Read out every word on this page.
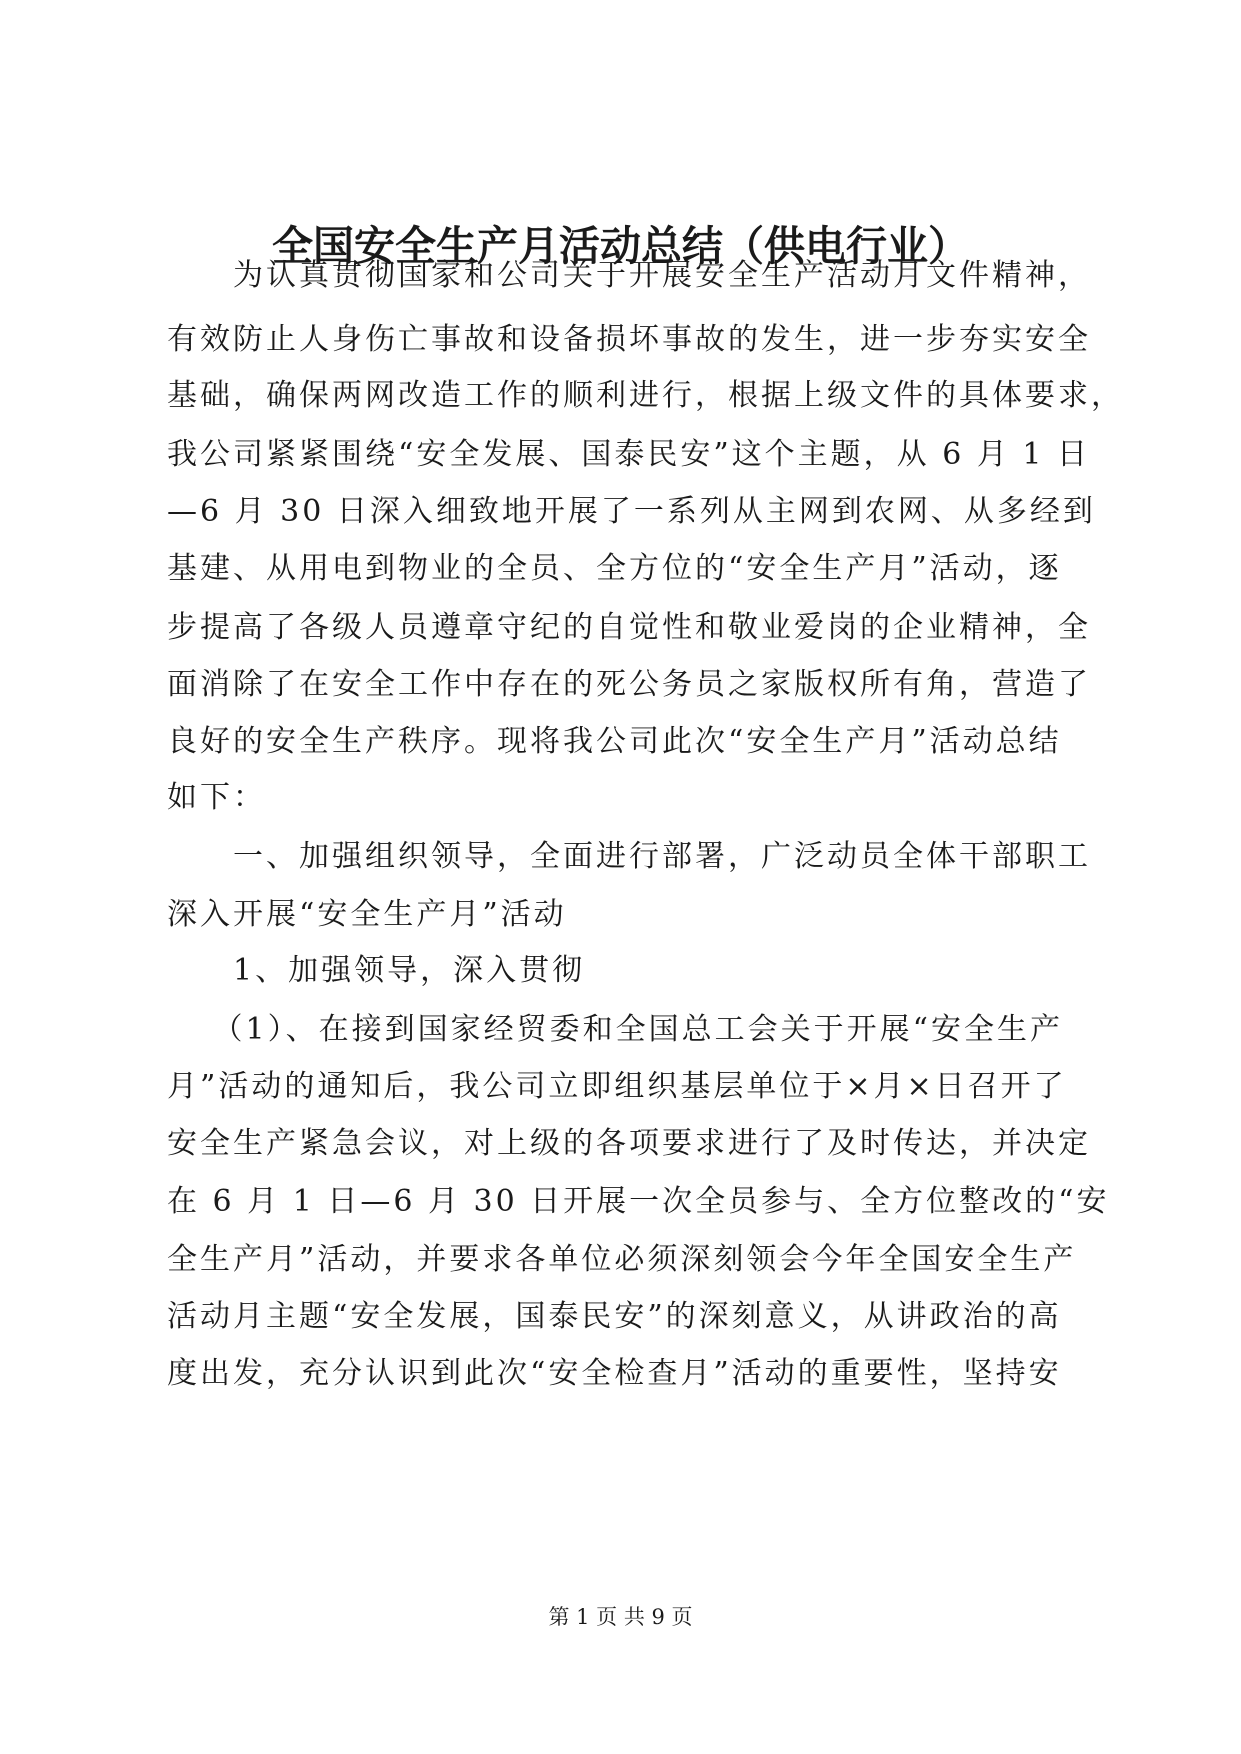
全国安全生产月活动总结（供电行业）
　　为认真贯彻国家和公司关于开展安全生产活动月文件精神，
有效防止人身伤亡事故和设备损坏事故的发生，进一步夯实安全
基础，确保两网改造工作的顺利进行，根据上级文件的具体要求，
我公司紧紧围绕“安全发展、国泰民安”这个主题，从 6 月 1 日
—6 月 30 日深入细致地开展了一系列从主网到农网、从多经到
基建、从用电到物业的全员、全方位的“安全生产月”活动，逐
步提高了各级人员遵章守纪的自觉性和敬业爱岗的企业精神，全
面消除了在安全工作中存在的死公务员之家版权所有角，营造了
良好的安全生产秩序。现将我公司此次“安全生产月”活动总结
如下：
　　一、加强组织领导，全面进行部署，广泛动员全体干部职工
深入开展“安全生产月”活动
　　1、加强领导，深入贯彻
　 （1）、在接到国家经贸委和全国总工会关于开展“安全生产
月”活动的通知后，我公司立即组织基层单位于×月×日召开了
安全生产紧急会议，对上级的各项要求进行了及时传达，并决定
在 6 月 1 日—6 月 30 日开展一次全员参与、全方位整改的“安
全生产月”活动，并要求各单位必须深刻领会今年全国安全生产
活动月主题“安全发展，国泰民安”的深刻意义，从讲政治的高
度出发，充分认识到此次“安全检查月”活动的重要性，坚持安
第 1 页 共 9 页
